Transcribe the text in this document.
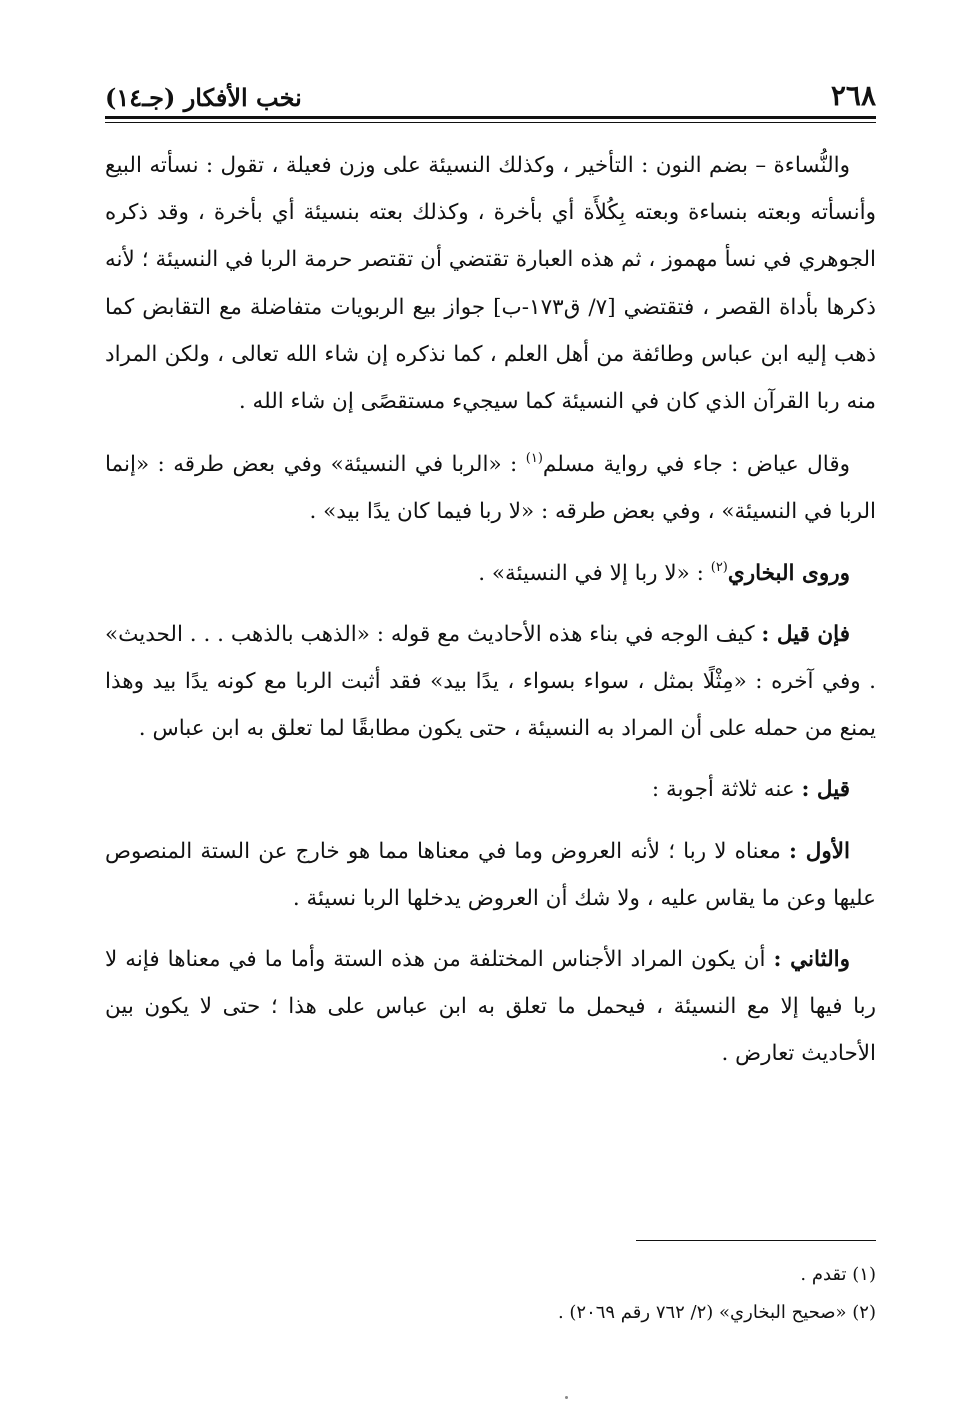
٢٦٨
نخب الأفكار (جـ١٤)

والنُّساءة – بضم النون : التأخير ، وكذلك النسيئة على وزن فعيلة ، تقول : نسأته البيع وأنسأته وبعته بنساءة وبعته بِكُلأَة أي بأخرة ، وكذلك بعته بنسيئة أي بأخرة ، وقد ذكره الجوهري في نسأ مهموز ، ثم هذه العبارة تقتضي أن تقتصر حرمة الربا في النسيئة ؛ لأنه ذكرها بأداة القصر ، فتقتضي [٧/ ق١٧٣-ب] جواز بيع الربويات متفاضلة مع التقابض كما ذهب إليه ابن عباس وطائفة من أهل العلم ، كما نذكره إن شاء الله تعالى ، ولكن المراد منه ربا القرآن الذي كان في النسيئة كما سيجيء مستقصًى إن شاء الله .

وقال عياض : جاء في رواية مسلم$^{(١)}$ : «الربا في النسيئة» وفي بعض طرقه : «إنما الربا في النسيئة» ، وفي بعض طرقه : «لا ربا فيما كان يدًا بيد» .

وروى البخاري$^{(٢)}$ : «لا ربا إلا في النسيئة» .

فإن قيل : كيف الوجه في بناء هذه الأحاديث مع قوله : «الذهب بالذهب . . . الحديث» . وفي آخره : «مِثْلًا بمثل ، سواء بسواء ، يدًا بيد» فقد أثبت الربا مع كونه يدًا بيد وهذا يمنع من حمله على أن المراد به النسيئة ، حتى يكون مطابقًا لما تعلق به ابن عباس .

قيل : عنه ثلاثة أجوبة :

الأول : معناه لا ربا ؛ لأنه العروض وما في معناها مما هو خارج عن الستة المنصوص عليها وعن ما يقاس عليه ، ولا شك أن العروض يدخلها الربا نسيئة .

والثاني : أن يكون المراد الأجناس المختلفة من هذه الستة وأما ما في معناها فإنه لا ربا فيها إلا مع النسيئة ، فيحمل ما تعلق به ابن عباس على هذا ؛ حتى لا يكون بين الأحاديث تعارض .

(١) تقدم .
(٢) «صحيح البخاري» (٢/ ٧٦٢ رقم ٢٠٦٩) .
